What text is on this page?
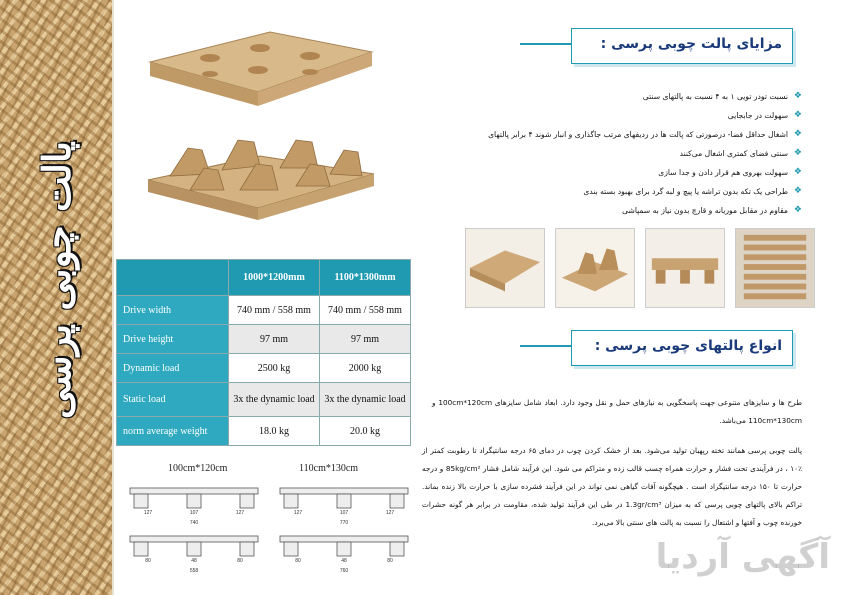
پالت چوبی پرسی
		1000*1200mm	1100*1300mm
Drive width	740 mm / 558 mm	740 mm / 558 mm
Drive height	97 mm	97 mm
Dynamic load	2500 kg	2000 kg
Static load	3x the dynamic load	3x the dynamic load
norm average weight	18.0 kg	20.0 kg
100cm*120cm	110cm*130cm
127	107	127
740
80	48	80
558
127	107	127
770
80	48	80
760
مزایای پالت چوبی پرسی :
❖ نسبت تودر تویی ۱ به ۴ نسبت به پالتهای سنتی
❖ سهولت در جابجایی
❖ اشغال حداقل فضا- درصورتی که پالت ها در ردیفهای مرتب جاگذاری و انبار شوند ۴ برابر پالتهای
❖ سنتی فضای کمتری اشغال می‌کنند
❖ سهولت بهروی هم قرار دادن و جدا سازی
❖ طراحی یک تکه بدون تراشه یا پیچ و لبه گرد برای بهبود بسته بندی
❖ مقاوم در مقابل موریانه و قارچ بدون نیاز به سمپاشی
انواع پالتهای چوبی پرسی :
طرح ها و سایزهای متنوعی جهت پاسخگویی به نیازهای حمل و نقل وجود دارد. ابعاد شامل سایزهای 100cm*120cm و 110cm*130cm می‌باشد.
پالت چوبی پرسی همانند تخته رپهبان تولید می‌شود. بعد از خشک کردن چوب در دمای ۶۵ درجه سانتیگراد تا رطوبت کمتر از ٪۱۰ ، در فرآیندی تحت فشار و حرارت همراه چسب قالب زده و متراکم می شود. این فرآیند شامل فشار 85kg/cm² و درجه حرارت تا ۱۵۰ درجه سانتیگراد است . هیچگونه آفات گیاهی نمی تواند در این فرآیند فشرده سازی با حرارت بالا زنده بماند. تراکم بالای پالتهای چوبی پرسی که به میزان 1.3gr/cm³ در طی این فرآیند تولید شده، مقاومت در برابر هر گونه حشرات خورنده چوب و آفتها و اشتعال را نسبت به پالت های سنتی بالا می‌برد.
آگهی آردیا
